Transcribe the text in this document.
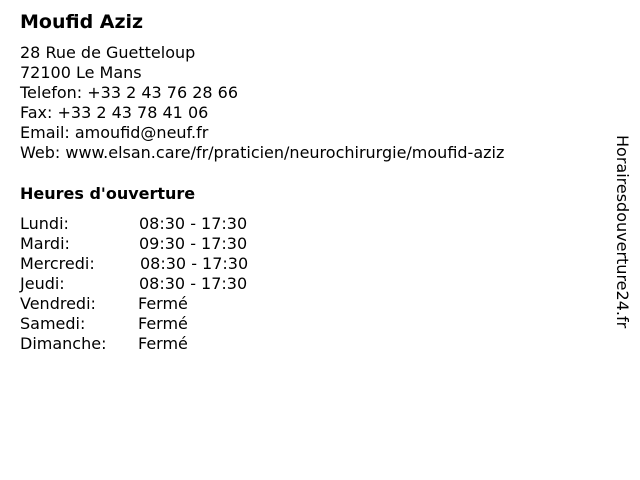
Moufid Aziz
28 Rue de Guetteloup
72100 Le Mans
Telefon: +33 2 43 76 28 66
Fax: +33 2 43 78 41 06
Email: amoufid@neuf.fr
Web: www.elsan.care/fr/praticien/neurochirurgie/moufid-aziz
Heures d'ouverture
Lundi:	08:30 - 17:30
Mardi:	09:30 - 17:30
Mercredi:	08:30 - 17:30
Jeudi:	08:30 - 17:30
Vendredi:	Fermé
Samedi:	Fermé
Dimanche: Fermé
Horairesdouverture24.fr
